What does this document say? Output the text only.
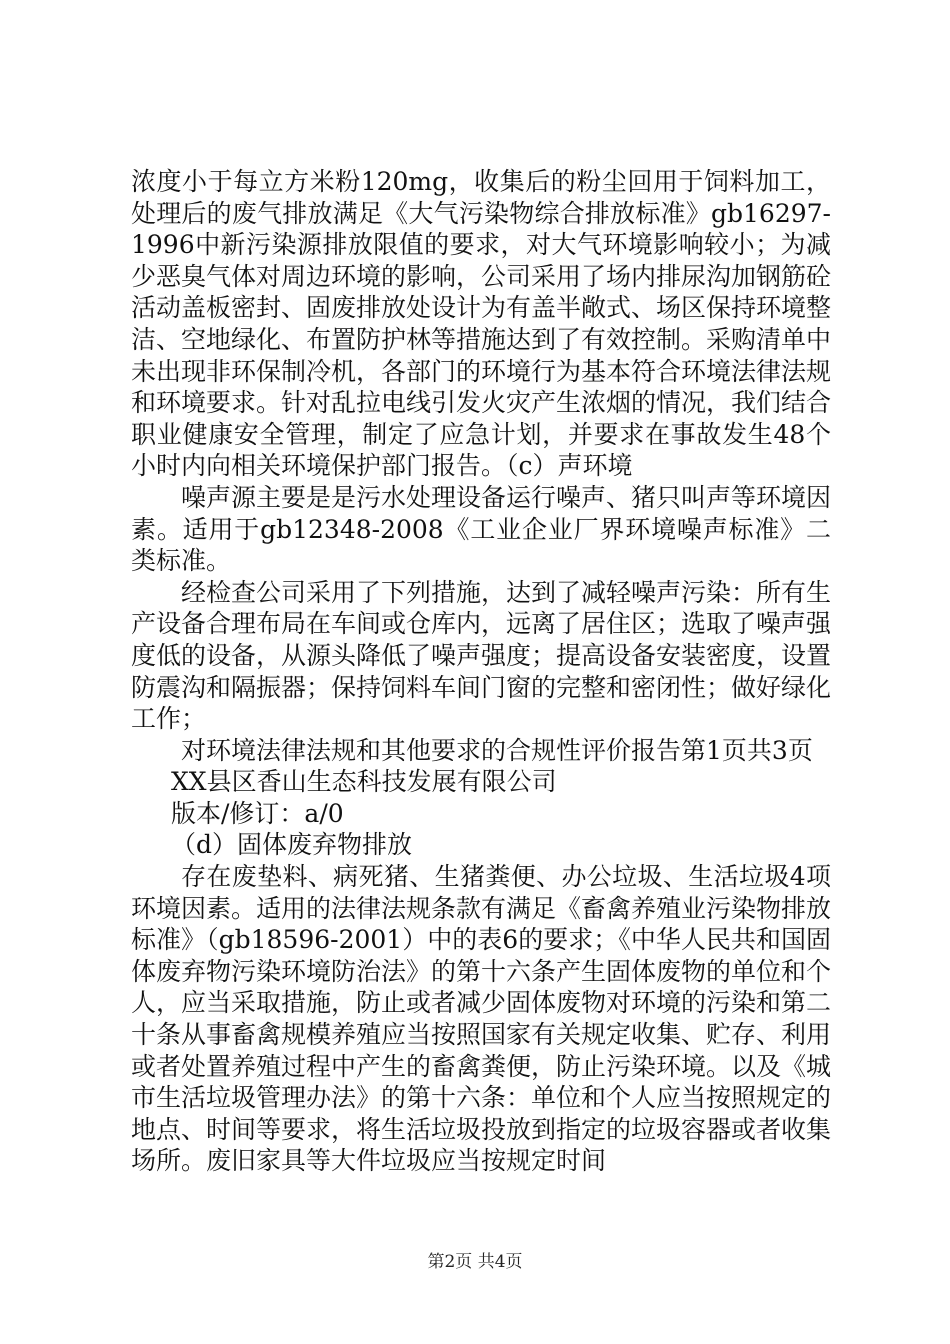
浓度小于每立方米粉120mg，收集后的粉尘回用于饲料加工，处理后的废气排放满足《大气污染物综合排放标准》gb16297-1996中新污染源排放限值的要求，对大气环境影响较小；为减少恶臭气体对周边环境的影响，公司采用了场内排尿沟加钢筋砼活动盖板密封、固废排放处设计为有盖半敞式、场区保持环境整洁、空地绿化、布置防护林等措施达到了有效控制。采购清单中未出现非环保制冷机，各部门的环境行为基本符合环境法律法规和环境要求。针对乱拉电线引发火灾产生浓烟的情况，我们结合职业健康安全管理，制定了应急计划，并要求在事故发生48个小时内向相关环境保护部门报告。（c）声环境

噪声源主要是是污水处理设备运行噪声、猪只叫声等环境因素。适用于gb12348-2008《工业企业厂界环境噪声标准》二类标准。

经检查公司采用了下列措施，达到了减轻噪声污染：所有生产设备合理布局在车间或仓库内，远离了居住区；选取了噪声强度低的设备，从源头降低了噪声强度；提高设备安装密度，设置防震沟和隔振器；保持饲料车间门窗的完整和密闭性；做好绿化工作；

对环境法律法规和其他要求的合规性评价报告第1页共3页

XX县区香山生态科技发展有限公司

版本/修订：a/0

（d）固体废弃物排放

存在废垫料、病死猪、生猪粪便、办公垃圾、生活垃圾4项环境因素。适用的法律法规条款有满足《畜禽养殖业污染物排放标准》（gb18596-2001）中的表6的要求；《中华人民共和国固体废弃物污染环境防治法》的第十六条产生固体废物的单位和个人，应当采取措施，防止或者减少固体废物对环境的污染和第二十条从事畜禽规模养殖应当按照国家有关规定收集、贮存、利用或者处置养殖过程中产生的畜禽粪便，防止污染环境。以及《城市生活垃圾管理办法》的第十六条：单位和个人应当按照规定的地点、时间等要求，将生活垃圾投放到指定的垃圾容器或者收集场所。废旧家具等大件垃圾应当按规定时间

第2页 共4页
